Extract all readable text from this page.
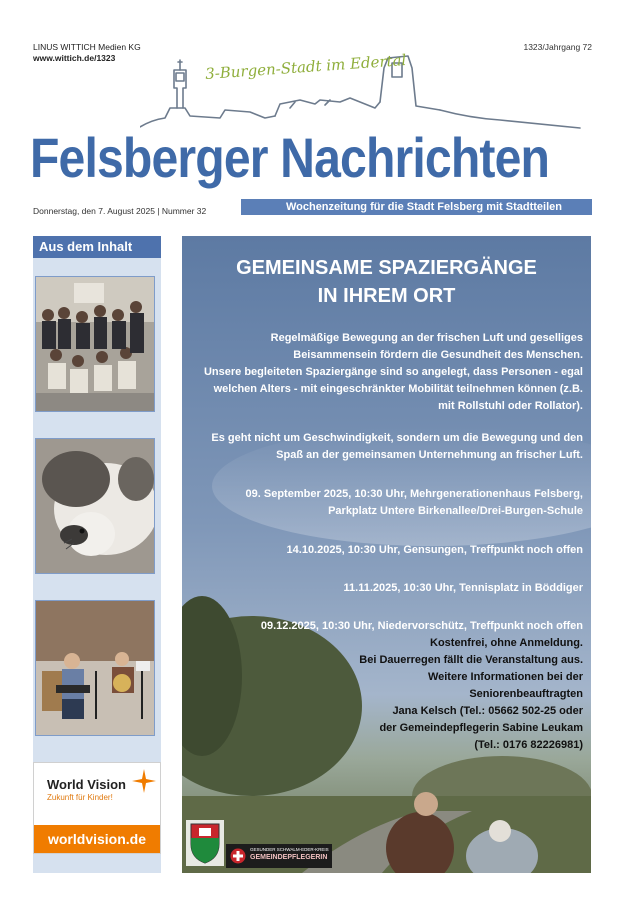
LINUS WITTICH Medien KG
www.wittich.de/1323
1323/Jahrgang 72
3-Burgen-Stadt im Edertal
Felsberger Nachrichten
Donnerstag, den 7. August 2025 | Nummer 32	Wochenzeitung für die Stadt Felsberg mit Stadtteilen
Aus dem Inhalt
World Vision
Zukunft für Kinder!
worldvision.de
GEMEINSAME SPAZIERGÄNGE
IN IHREM ORT
Regelmäßige Bewegung an der frischen Luft und geselliges
Beisammensein fördern die Gesundheit des Menschen.
Unsere begleiteten Spaziergänge sind so angelegt, dass Personen - egal
welchen Alters - mit eingeschränkter Mobilität teilnehmen können (z.B.
mit Rollstuhl oder Rollator).
Es geht nicht um Geschwindigkeit, sondern um die Bewegung und den
Spaß an der gemeinsamen Unternehmung an frischer Luft.
09. September 2025, 10:30 Uhr, Mehrgenerationenhaus Felsberg,
Parkplatz Untere Birkenallee/Drei-Burgen-Schule
14.10.2025, 10:30 Uhr, Gensungen, Treffpunkt noch offen
11.11.2025, 10:30 Uhr, Tennisplatz in Böddiger
09.12.2025, 10:30 Uhr, Niedervorschütz, Treffpunkt noch offen
Kostenfrei, ohne Anmeldung.
Bei Dauerregen fällt die Veranstaltung aus.
Weitere Informationen bei der
Seniorenbeauftragten
Jana Kelsch (Tel.: 05662 502-25 oder
der Gemeindepflegerin Sabine Leukam
(Tel.: 0176 82226981)
GESUNDER SCHWALM-EDER-KREIS
GEMEINDEPFLEGERIN
